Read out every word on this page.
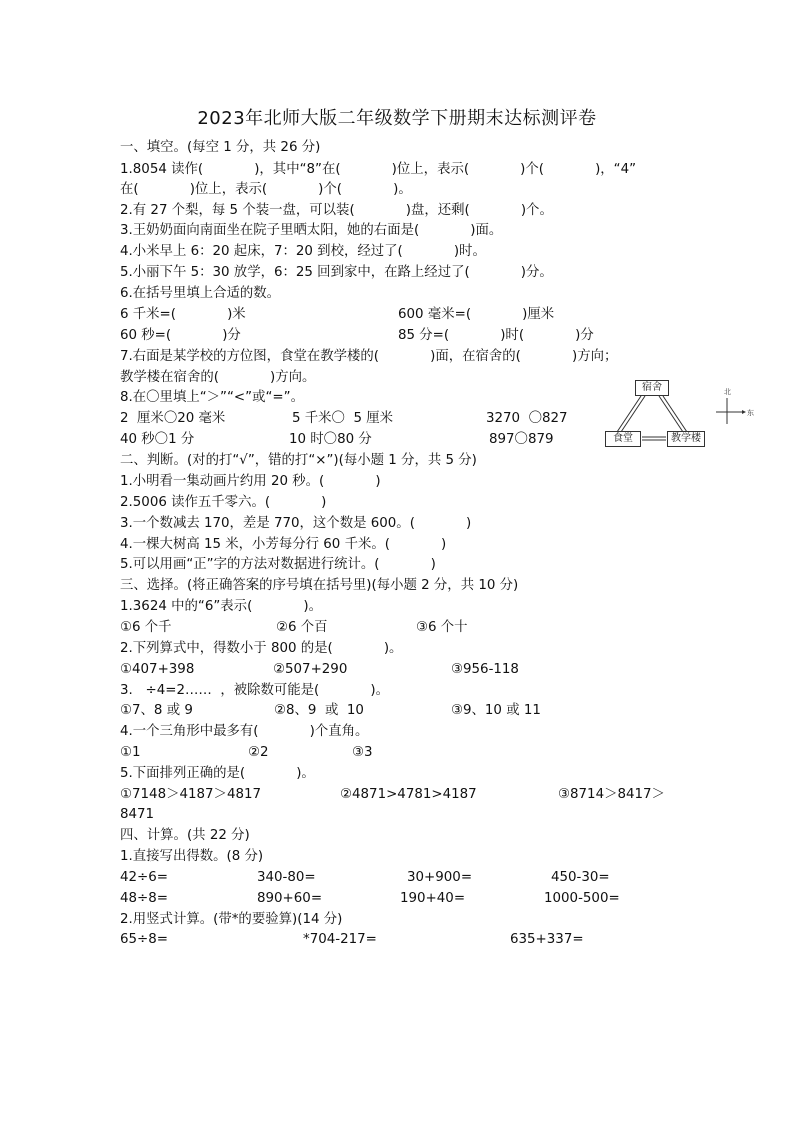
2023年北师大版二年级数学下册期末达标测评卷
一、填空。(每空 1 分，共 26 分)
1.8054 读作(            )，其中“8”在(            )位上，表示(            )个(            )，“4”
在(            )位上，表示(            )个(            )。
2.有 27 个梨，每 5 个装一盘，可以装(            )盘，还剩(            )个。
3.王奶奶面向南面坐在院子里晒太阳，她的右面是(            )面。
4.小米早上 6：20 起床，7：20 到校，经过了(            )时。
5.小丽下午 5：30 放学，6：25 回到家中，在路上经过了(            )分。
6.在括号里填上合适的数。
6 千米=(            )米	600 毫米=(            )厘米
60 秒=(            )分	85 分=(            )时(            )分
7.右面是某学校的方位图，食堂在教学楼的(            )面，在宿舍的(            )方向；
教学楼在宿舍的(            )方向。
8.在〇里填上“＞”“<”或“=”。
2  厘米〇20 毫米	5 千米〇  5 厘米	3270  〇827
40 秒〇1 分	10 时〇80 分	897〇879
宿舍
食堂	教学楼
北
东
二、判断。(对的打“√”，错的打“×”)(每小题 1 分，共 5 分)
1.小明看一集动画片约用 20 秒。(            )
2.5006 读作五千零六。(            )
3.一个数减去 170，差是 770，这个数是 600。(            )
4.一棵大树高 15 米，小芳每分行 60 千米。(            )
5.可以用画“正”字的方法对数据进行统计。(            )
三、选择。(将正确答案的序号填在括号里)(每小题 2 分，共 10 分)
1.3624 中的“6”表示(            )。
①6 个千	②6 个百	③6 个十
2.下列算式中，得数小于 800 的是(            )。
①407+398	②507+290	③956-118
3.   ÷4=2……  ，被除数可能是(            )。
①7、8 或 9	②8、9  或  10	③9、10 或 11
4.一个三角形中最多有(            )个直角。
①1	②2	③3
5.下面排列正确的是(            )。
①7148＞4187＞4817	②4871>4781>4187	③8714＞8417＞
8471
四、计算。(共 22 分)
1.直接写出得数。(8 分)
42÷6=	340-80=	30+900=	450-30=
48÷8=	890+60=	190+40=	1000-500=
2.用竖式计算。(带*的要验算)(14 分)
65÷8=	*704-217=	635+337=
